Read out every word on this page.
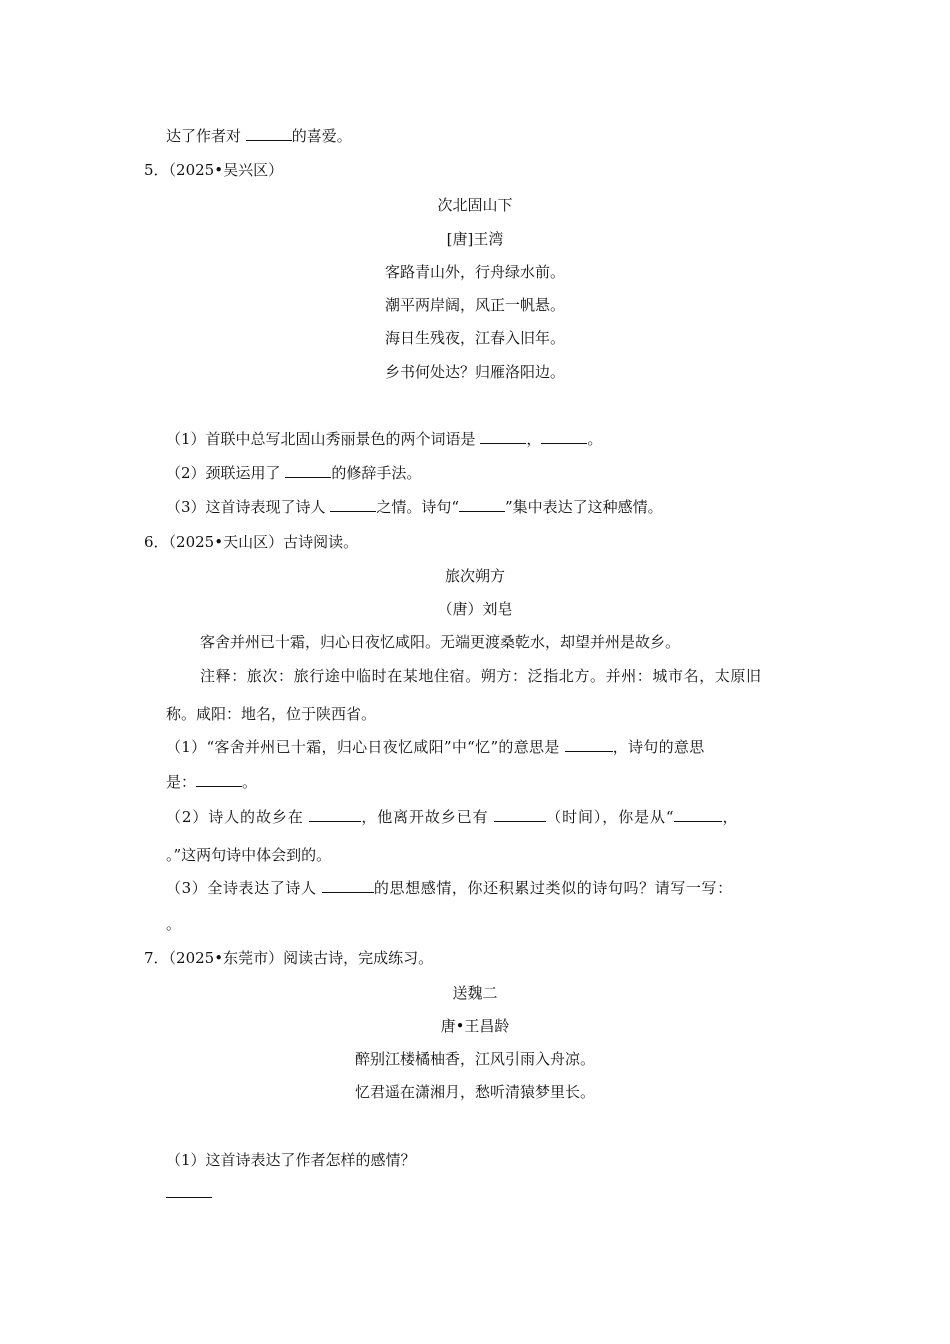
达了作者对	的喜爱。
5．（2025•吴兴区）
次北固山下
[唐]王湾
客路青山外，行舟绿水前。
潮平两岸阔，风正一帆悬。
海日生残夜，江春入旧年。
乡书何处达？归雁洛阳边。
（1）首联中总写北固山秀丽景色的两个词语是	，	。
（2）颈联运用了	的修辞手法。
（3）这首诗表现了诗人	之情。诗句“	”集中表达了这种感情。
6．（2025•天山区）古诗阅读。
旅次朔方
（唐）刘皂
客舍并州已十霜，归心日夜忆咸阳。无端更渡桑乾水，却望并州是故乡。
注释：旅次：旅行途中临时在某地住宿。朔方：泛指北方。并州：城市名，太原旧
称。咸阳：地名，位于陕西省。
（1）“客舍并州已十霜，归心日夜忆咸阳”中“忆”的意思是	，诗句的意思
是：	。
（2）诗人的故乡在	，他离开故乡已有	（时间），你是从“	，
。”这两句诗中体会到的。
（3）全诗表达了诗人	的思想感情，你还积累过类似的诗句吗？请写一写：
。
7．（2025•东莞市）阅读古诗，完成练习。
送魏二
唐•王昌龄
醉别江楼橘柚香，江风引雨入舟凉。
忆君遥在潇湘月，愁听清猿梦里长。
（1）这首诗表达了作者怎样的感情？
